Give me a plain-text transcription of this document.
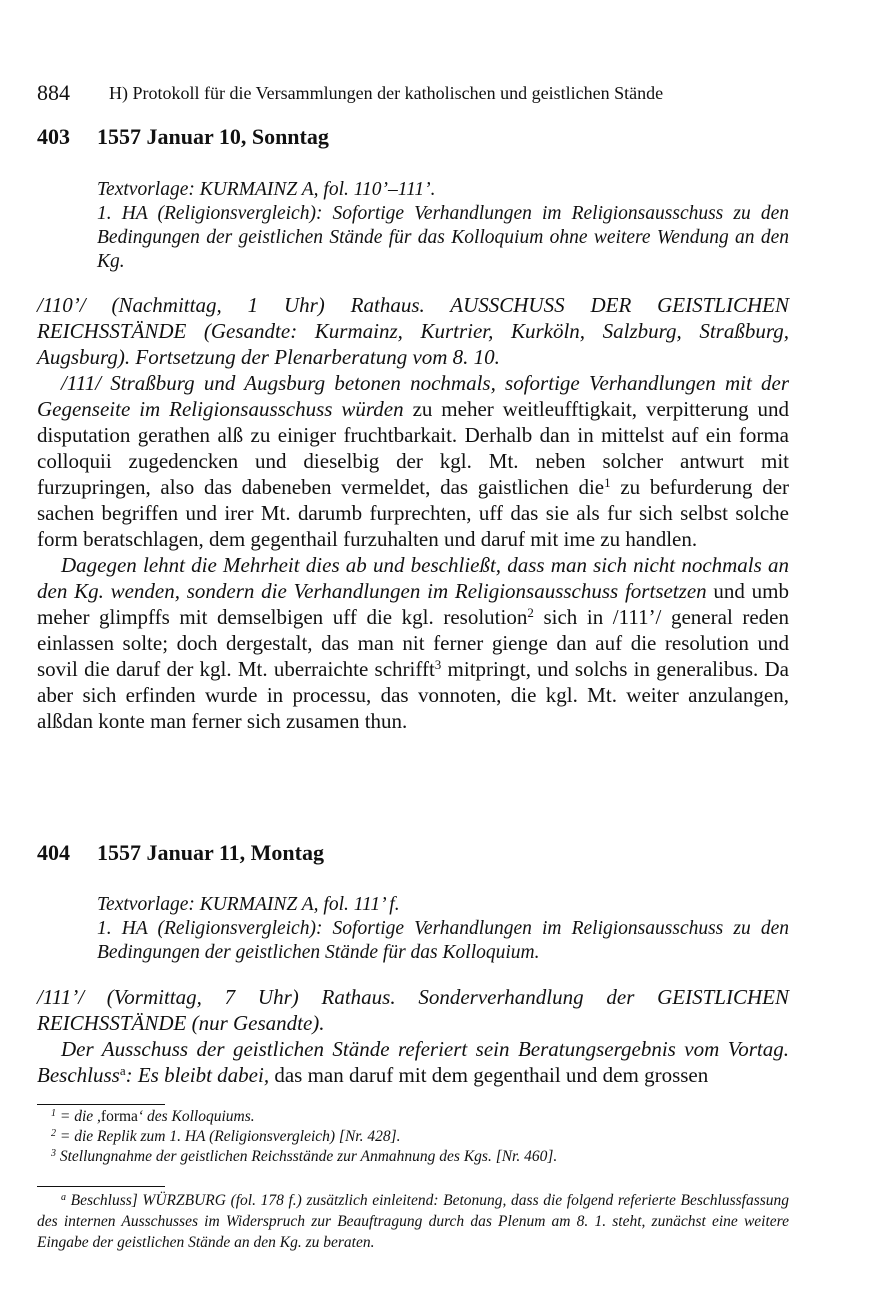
884 H) Protokoll für die Versammlungen der katholischen und geistlichen Stände
403 1557 Januar 10, Sonntag
Textvorlage: KURMAINZ A, fol. 110’–111’.
1. HA (Religionsvergleich): Sofortige Verhandlungen im Religionsausschuss zu den Bedingungen der geistlichen Stände für das Kolloquium ohne weitere Wendung an den Kg.

/110’/ (Nachmittag, 1 Uhr) Rathaus. AUSSCHUSS DER GEISTLICHEN REICHSSTÄNDE (Gesandte: Kurmainz, Kurtrier, Kurköln, Salzburg, Straßburg, Augsburg). Fortsetzung der Plenarberatung vom 8. 10.

/111/ Straßburg und Augsburg betonen nochmals, sofortige Verhandlungen mit der Gegenseite im Religionsausschuss würden zu meher weitleufftigkait, verpitterung und disputation gerathen alß zu einiger fruchtbarkait. Derhalb dan in mittelst auf ein forma colloquii zugedencken und dieselbig der kgl. Mt. neben solcher antwurt mit furzupringen, also das dabeneben vermeldet, das gaistlichen die$^1$ zu befurderung der sachen begriffen und irer Mt. darumb furprechten, uff das sie als fur sich selbst solche form beratschlagen, dem gegenthail furzuhalten und daruf mit ime zu handlen.

Dagegen lehnt die Mehrheit dies ab und beschließt, dass man sich nicht nochmals an den Kg. wenden, sondern die Verhandlungen im Religionsausschuss fortsetzen und umb meher glimpffs mit demselbigen uff die kgl. resolution$^2$ sich in /111’/ general reden einlassen solte; doch dergestalt, das man nit ferner gienge dan auf die resolution und sovil die daruf der kgl. Mt. uberraichte schrifft$^3$ mitpringt, und solchs in generalibus. Da aber sich erfinden wurde in processu, das vonnoten, die kgl. Mt. weiter anzulangen, alßdan konte man ferner sich zusamen thun.

404 1557 Januar 11, Montag
Textvorlage: KURMAINZ A, fol. 111’ f.
1. HA (Religionsvergleich): Sofortige Verhandlungen im Religionsausschuss zu den Bedingungen der geistlichen Stände für das Kolloquium.

/111’/ (Vormittag, 7 Uhr) Rathaus. Sonderverhandlung der GEISTLICHEN REICHSSTÄNDE (nur Gesandte).

Der Ausschuss der geistlichen Stände referiert sein Beratungsergebnis vom Vortag. Beschluss$^a$: Es bleibt dabei, das man daruf mit dem gegenthail und dem grossen

$^1$ = die ,forma‘ des Kolloquiums.
$^2$ = die Replik zum 1. HA (Religionsvergleich) [Nr. 428].
$^3$ Stellungnahme der geistlichen Reichsstände zur Anmahnung des Kgs. [Nr. 460].

$^a$ Beschluss] WÜRZBURG (fol. 178 f.) zusätzlich einleitend: Betonung, dass die folgend referierte Beschlussfassung des internen Ausschusses im Widerspruch zur Beauftragung durch das Plenum am 8. 1. steht, zunächst eine weitere Eingabe der geistlichen Stände an den Kg. zu beraten.
